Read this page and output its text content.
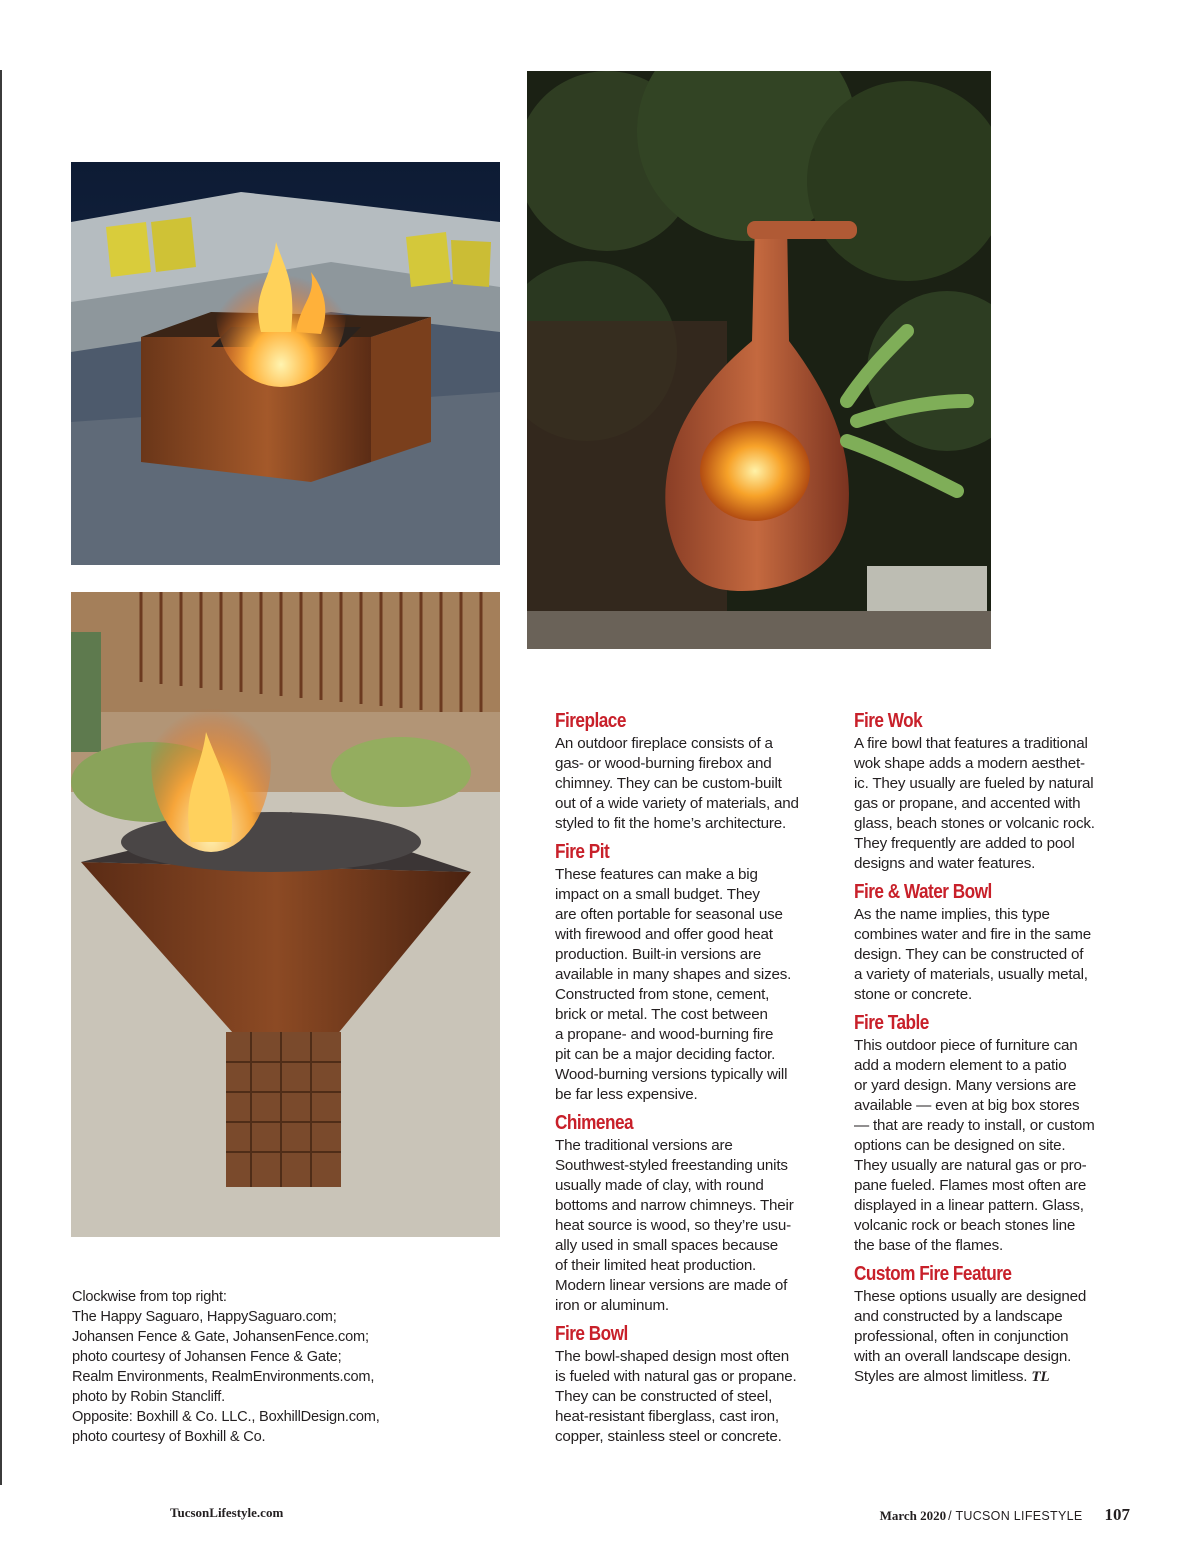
Fireplace

An outdoor fireplace consists of a
gas- or wood-burning firebox and
chimney. They can be custom-built
out of a wide variety of materials, and
styled to fit the home’s architecture.

Fire Pit

These features can make a big
impact on a small budget. They
are often portable for seasonal use
with firewood and offer good heat
production. Built-in versions are
available in many shapes and sizes.
Constructed from stone, cement,
brick or metal. The cost between
a propane- and wood-burning fire
pit can be a major deciding factor.
Wood-burning versions typically will
be far less expensive.

Chimenea

The traditional versions are
Southwest-styled freestanding units
usually made of clay, with round
bottoms and narrow chimneys. Their
heat source is wood, so they’re usu-
ally used in small spaces because
of their limited heat production.
Modern linear versions are made of
iron or aluminum.

Fire Bowl

The bowl-shaped design most often
is fueled with natural gas or propane.
They can be constructed of steel,
heat-resistant fiberglass, cast iron,
copper, stainless steel or concrete.

Fire Wok

A fire bowl that features a traditional
wok shape adds a modern aesthet-
ic. They usually are fueled by natural
gas or propane, and accented with
glass, beach stones or volcanic rock.
They frequently are added to pool
designs and water features.

Fire & Water Bowl

As the name implies, this type
combines water and fire in the same
design. They can be constructed of
a variety of materials, usually metal,
stone or concrete.

Fire Table

This outdoor piece of furniture can
add a modern element to a patio
or yard design. Many versions are
available — even at big box stores
— that are ready to install, or custom
options can be designed on site.
They usually are natural gas or pro-
pane fueled. Flames most often are
displayed in a linear pattern. Glass,
volcanic rock or beach stones line
the base of the flames.

Custom Fire Feature

These options usually are designed
and constructed by a landscape
professional, often in conjunction
with an overall landscape design.
Styles are almost limitless. TL

Clockwise from top right:
The Happy Saguaro, HappySaguaro.com;
Johansen Fence & Gate, JohansenFence.com;
photo courtesy of Johansen Fence & Gate;
Realm Environments, RealmEnvironments.com,
photo by Robin Stancliff.
Opposite: Boxhill & Co. LLC., BoxhillDesign.com,
photo courtesy of Boxhill & Co.
TucsonLifestyle.com	March 2020 / TUCSON LIFESTYLE 107
